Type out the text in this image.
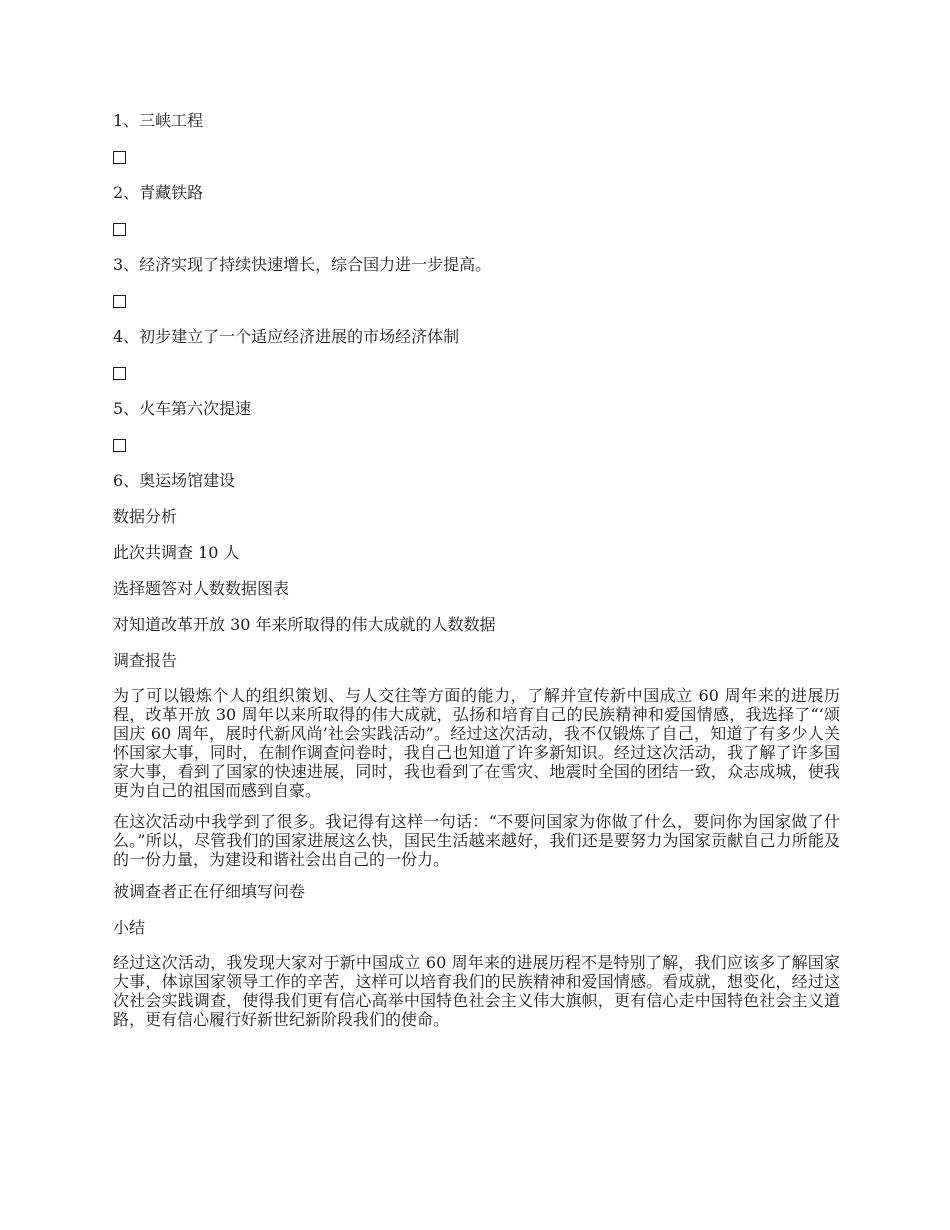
1、三峡工程
2、青藏铁路
3、经济实现了持续快速增长，综合国力进一步提高。
4、初步建立了一个适应经济进展的市场经济体制
5、火车第六次提速
6、奥运场馆建设
数据分析
此次共调查 10 人
选择题答对人数数据图表
对知道改革开放 30 年来所取得的伟大成就的人数数据
调查报告

为了可以锻炼个人的组织策划、与人交往等方面的能力，了解并宣传新中国成立 60 周年来的进展历程，改革开放 30 周年以来所取得的伟大成就，弘扬和培育自己的民族精神和爱国情感，我选择了“‘颂国庆 60 周年，展时代新风尚’社会实践活动”。经过这次活动，我不仅锻炼了自己，知道了有多少人关怀国家大事，同时，在制作调查问卷时，我自己也知道了许多新知识。经过这次活动，我了解了许多国家大事，看到了国家的快速进展，同时，我也看到了在雪灾、地震时全国的团结一致，众志成城，使我更为自己的祖国而感到自豪。

在这次活动中我学到了很多。我记得有这样一句话：“不要问国家为你做了什么，要问你为国家做了什么。”所以，尽管我们的国家进展这么快，国民生活越来越好，我们还是要努力为国家贡献自己力所能及的一份力量，为建设和谐社会出自己的一份力。

被调查者正在仔细填写问卷
小结

经过这次活动，我发现大家对于新中国成立 60 周年来的进展历程不是特别了解，我们应该多了解国家大事，体谅国家领导工作的辛苦，这样可以培育我们的民族精神和爱国情感。看成就，想变化，经过这次社会实践调查，使得我们更有信心高举中国特色社会主义伟大旗帜，更有信心走中国特色社会主义道路，更有信心履行好新世纪新阶段我们的使命。
